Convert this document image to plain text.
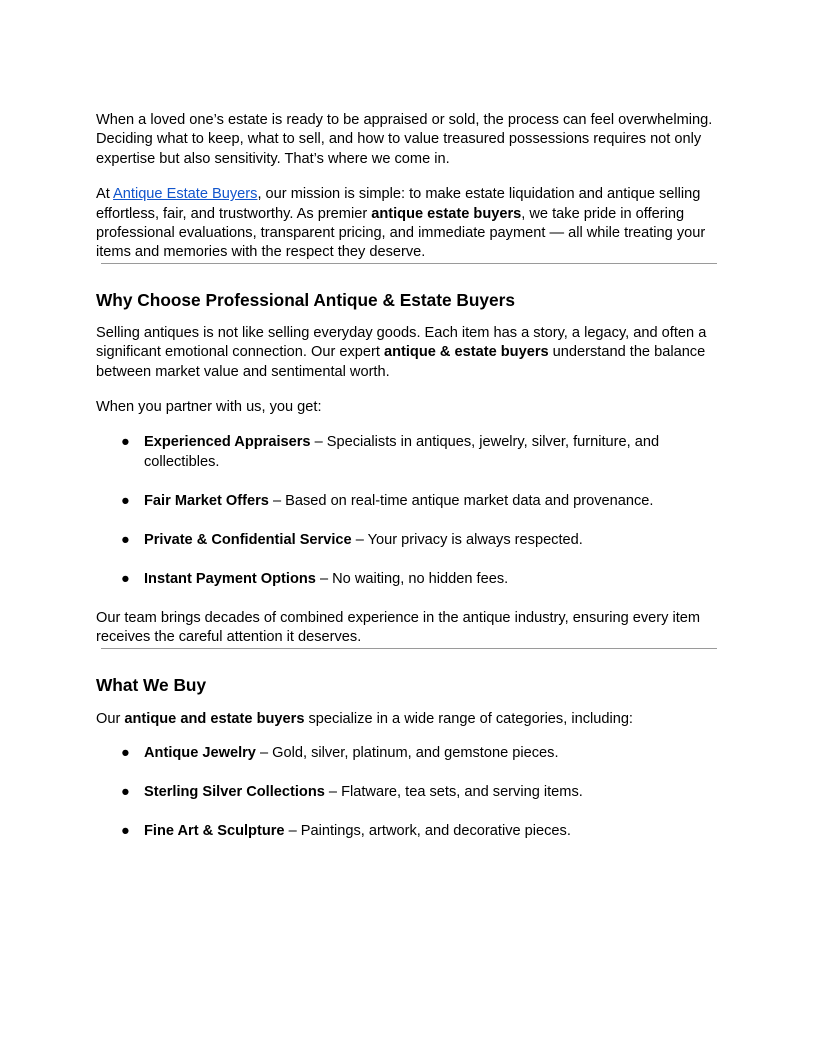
When a loved one’s estate is ready to be appraised or sold, the process can feel overwhelming. Deciding what to keep, what to sell, and how to value treasured possessions requires not only expertise but also sensitivity. That’s where we come in.

At Antique Estate Buyers, our mission is simple: to make estate liquidation and antique selling effortless, fair, and trustworthy. As premier antique estate buyers, we take pride in offering professional evaluations, transparent pricing, and immediate payment — all while treating your items and memories with the respect they deserve.

Why Choose Professional Antique & Estate Buyers

Selling antiques is not like selling everyday goods. Each item has a story, a legacy, and often a significant emotional connection. Our expert antique & estate buyers understand the balance between market value and sentimental worth.

When you partner with us, you get:

● Experienced Appraisers – Specialists in antiques, jewelry, silver, furniture, and collectibles.
● Fair Market Offers – Based on real-time antique market data and provenance.
● Private & Confidential Service – Your privacy is always respected.
● Instant Payment Options – No waiting, no hidden fees.

Our team brings decades of combined experience in the antique industry, ensuring every item receives the careful attention it deserves.

What We Buy

Our antique and estate buyers specialize in a wide range of categories, including:

● Antique Jewelry – Gold, silver, platinum, and gemstone pieces.
● Sterling Silver Collections – Flatware, tea sets, and serving items.
● Fine Art & Sculpture – Paintings, artwork, and decorative pieces.
